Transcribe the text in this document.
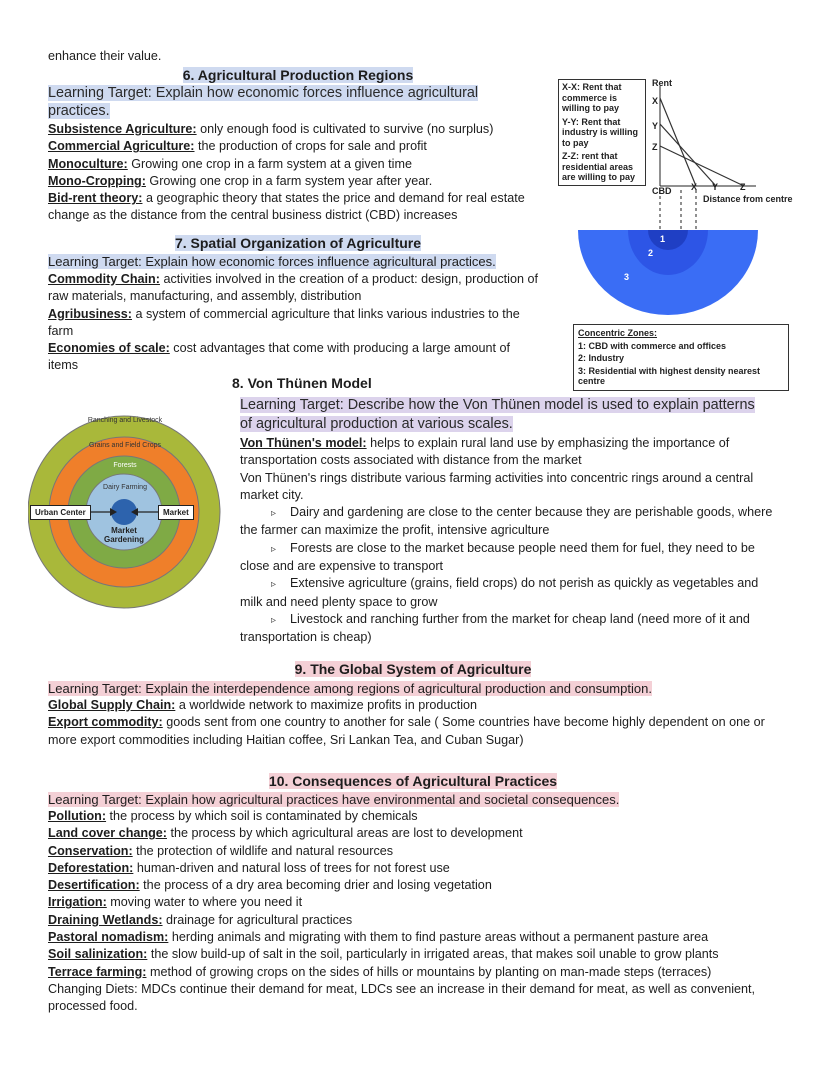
enhance their value.
6. Agricultural Production Regions
Learning Target: Explain how economic forces influence agricultural practices.
Subsistence Agriculture: only enough food is cultivated to survive (no surplus)
Commercial Agriculture: the production of crops for sale and profit
Monoculture: Growing one crop in a farm system at a given time
Mono-Cropping: Growing one crop in a farm system year after year.
Bid-rent theory: a geographic theory that states the price and demand for real estate change as the distance from the central business district (CBD) increases
7. Spatial Organization of Agriculture
Learning Target: Explain how economic forces influence agricultural practices.
Commodity Chain: activities involved in the creation of a product: design, production of raw materials, manufacturing, and assembly, distribution
Agribusiness: a system of commercial agriculture that links various industries to the farm
Economies of scale: cost advantages that come with producing a large amount of items
X-X: Rent that commerce is willing to pay
Y-Y: Rent that industry is willing to pay
Z-Z: rent that residential areas are willing to pay
Rent
X
Y
Z
CBD X Y Z
Distance from centre
1
2
3
Concentric Zones:
1: CBD with commerce and offices
2: Industry
3: Residential with highest density nearest centre
8. Von Thünen Model
Learning Target: Describe how the Von Thünen model is used to explain patterns of agricultural production at various scales.
Von Thünen's model: helps to explain rural land use by emphasizing the importance of transportation costs associated with distance from the market
Von Thünen's rings distribute various farming activities into concentric rings around a central market city.
▹ Dairy and gardening are close to the center because they are perishable goods, where the farmer can maximize the profit, intensive agriculture
▹ Forests are close to the market because people need them for fuel, they need to be close and are expensive to transport
▹ Extensive agriculture (grains, field crops) do not perish as quickly as vegetables and milk and need plenty space to grow
▹ Livestock and ranching further from the market for cheap land (need more of it and transportation is cheap)
Ranching and Livestock
Grains and Field Crops
Forests
Dairy Farming
Market Gardening
Urban Center	Market
9. The Global System of Agriculture
Learning Target: Explain the interdependence among regions of agricultural production and consumption.
Global Supply Chain: a worldwide network to maximize profits in production
Export commodity: goods sent from one country to another for sale ( Some countries have become highly dependent on one or more export commodities including Haitian coffee, Sri Lankan Tea, and Cuban Sugar)
10. Consequences of Agricultural Practices
Learning Target: Explain how agricultural practices have environmental and societal consequences.
Pollution: the process by which soil is contaminated by chemicals
Land cover change: the process by which agricultural areas are lost to development
Conservation: the protection of wildlife and natural resources
Deforestation: human-driven and natural loss of trees for not forest use
Desertification: the process of a dry area becoming drier and losing vegetation
Irrigation: moving water to where you need it
Draining Wetlands: drainage for agricultural practices
Pastoral nomadism: herding animals and migrating with them to find pasture areas without a permanent pasture area
Soil salinization: the slow build-up of salt in the soil, particularly in irrigated areas, that makes soil unable to grow plants
Terrace farming: method of growing crops on the sides of hills or mountains by planting on man-made steps (terraces)
Changing Diets: MDCs continue their demand for meat, LDCs see an increase in their demand for meat, as well as convenient, processed food.
